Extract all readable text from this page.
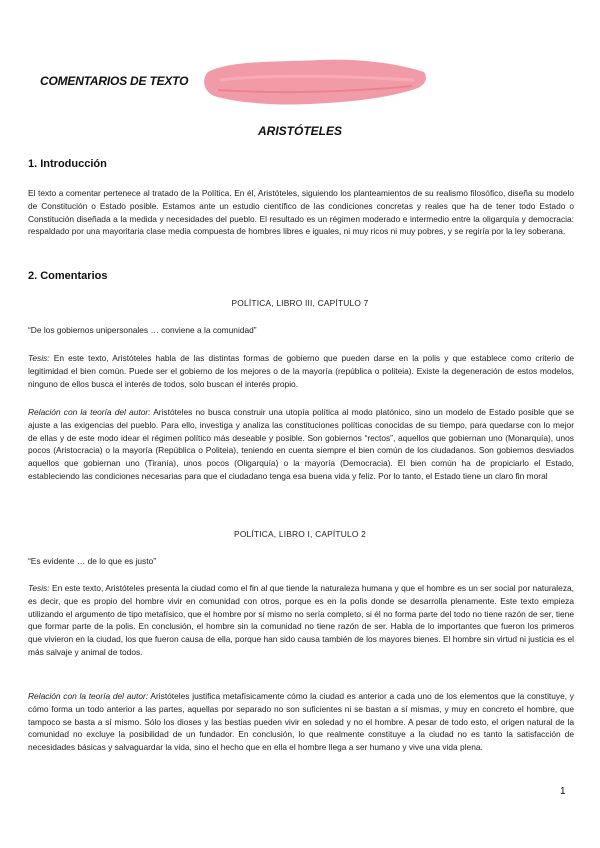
COMENTARIOS DE TEXTO
ARISTÓTELES
1. Introducción

El texto a comentar pertenece al tratado de la Política. En él, Aristóteles, siguiendo los planteamientos de su realismo filosófico, diseña su modelo de Constitución o Estado posible. Estamos ante un estudio científico de las condiciones concretas y reales que ha de tener todo Estado o Constitución diseñada a la medida y necesidades del pueblo. El resultado es un régimen moderado e intermedio entre la oligarquía y democracia: respaldado por una mayoritaria clase media compuesta de hombres libres e iguales, ni muy ricos ni muy pobres, y se regiría por la ley soberana.

2. Comentarios
POLÍTICA, LIBRO III, CAPÍTULO 7
“De los gobiernos unipersonales … conviene a la comunidad”

Tesis: En este texto, Aristóteles habla de las distintas formas de gobierno que pueden darse en la polis y que establece como criterio de legitimidad el bien común. Puede ser el gobierno de los mejores o de la mayoría (república o politeia). Existe la degeneración de estos modelos, ninguno de ellos busca el interés de todos, solo buscan el interés propio.

Relación con la teoría del autor: Aristóteles no busca construir una utopía política al modo platónico, sino un modelo de Estado posible que se ajuste a las exigencias del pueblo. Para ello, investiga y analiza las constituciones políticas conocidas de su tiempo, para quedarse con lo mejor de ellas y de este modo idear el régimen político más deseable y posible. Son gobiernos “rectos”, aquellos que gobiernan uno (Monarquía), unos pocos (Aristocracia) o la mayoría (República o Politeia), teniendo en cuenta siempre el bien común de los ciudadanos. Son gobiernos desviados aquellos que gobiernan uno (Tiranía), unos pocos (Oligarquía) o la mayoría (Democracia). El bien común ha de propiciarlo el Estado, estableciendo las condiciones necesarias para que el ciudadano tenga esa buena vida y feliz. Por lo tanto, el Estado tiene un claro fin moral

POLÍTICA, LIBRO I, CAPÍTULO 2
“Es evidente … de lo que es justo”

Tesis: En este texto, Aristóteles presenta la ciudad como el fin al que tiende la naturaleza humana y que el hombre es un ser social por naturaleza, es decir, que es propio del hombre vivir en comunidad con otros, porque es en la polis donde se desarrolla plenamente. Este texto empieza utilizando el argumento de tipo metafísico, que el hombre por sí mismo no sería completo, si él no forma parte del todo no tiene razón de ser, tiene que formar parte de la polis. En conclusión, el hombre sin la comunidad no tiene razón de ser. Habla de lo importantes que fueron los primeros que vivieron en la ciudad, los que fueron causa de ella, porque han sido causa también de los mayores bienes. El hombre sin virtud ni justicia es el más salvaje y animal de todos.

Relación con la teoría del autor: Aristóteles justifica metafísicamente cómo la ciudad es anterior a cada uno de los elementos que la constituye, y cómo forma un todo anterior a las partes, aquellas por separado no son suficientes ni se bastan a sí mismas, y muy en concreto el hombre, que tampoco se basta a sí mismo. Sólo los dioses y las bestias pueden vivir en soledad y no el hombre. A pesar de todo esto, el origen natural de la comunidad no excluye la posibilidad de un fundador. En conclusión, lo que realmente constituye a la ciudad no es tanto la satisfacción de necesidades básicas y salvaguardar la vida, sino el hecho que en ella el hombre llega a ser humano y vive una vida plena.

1
